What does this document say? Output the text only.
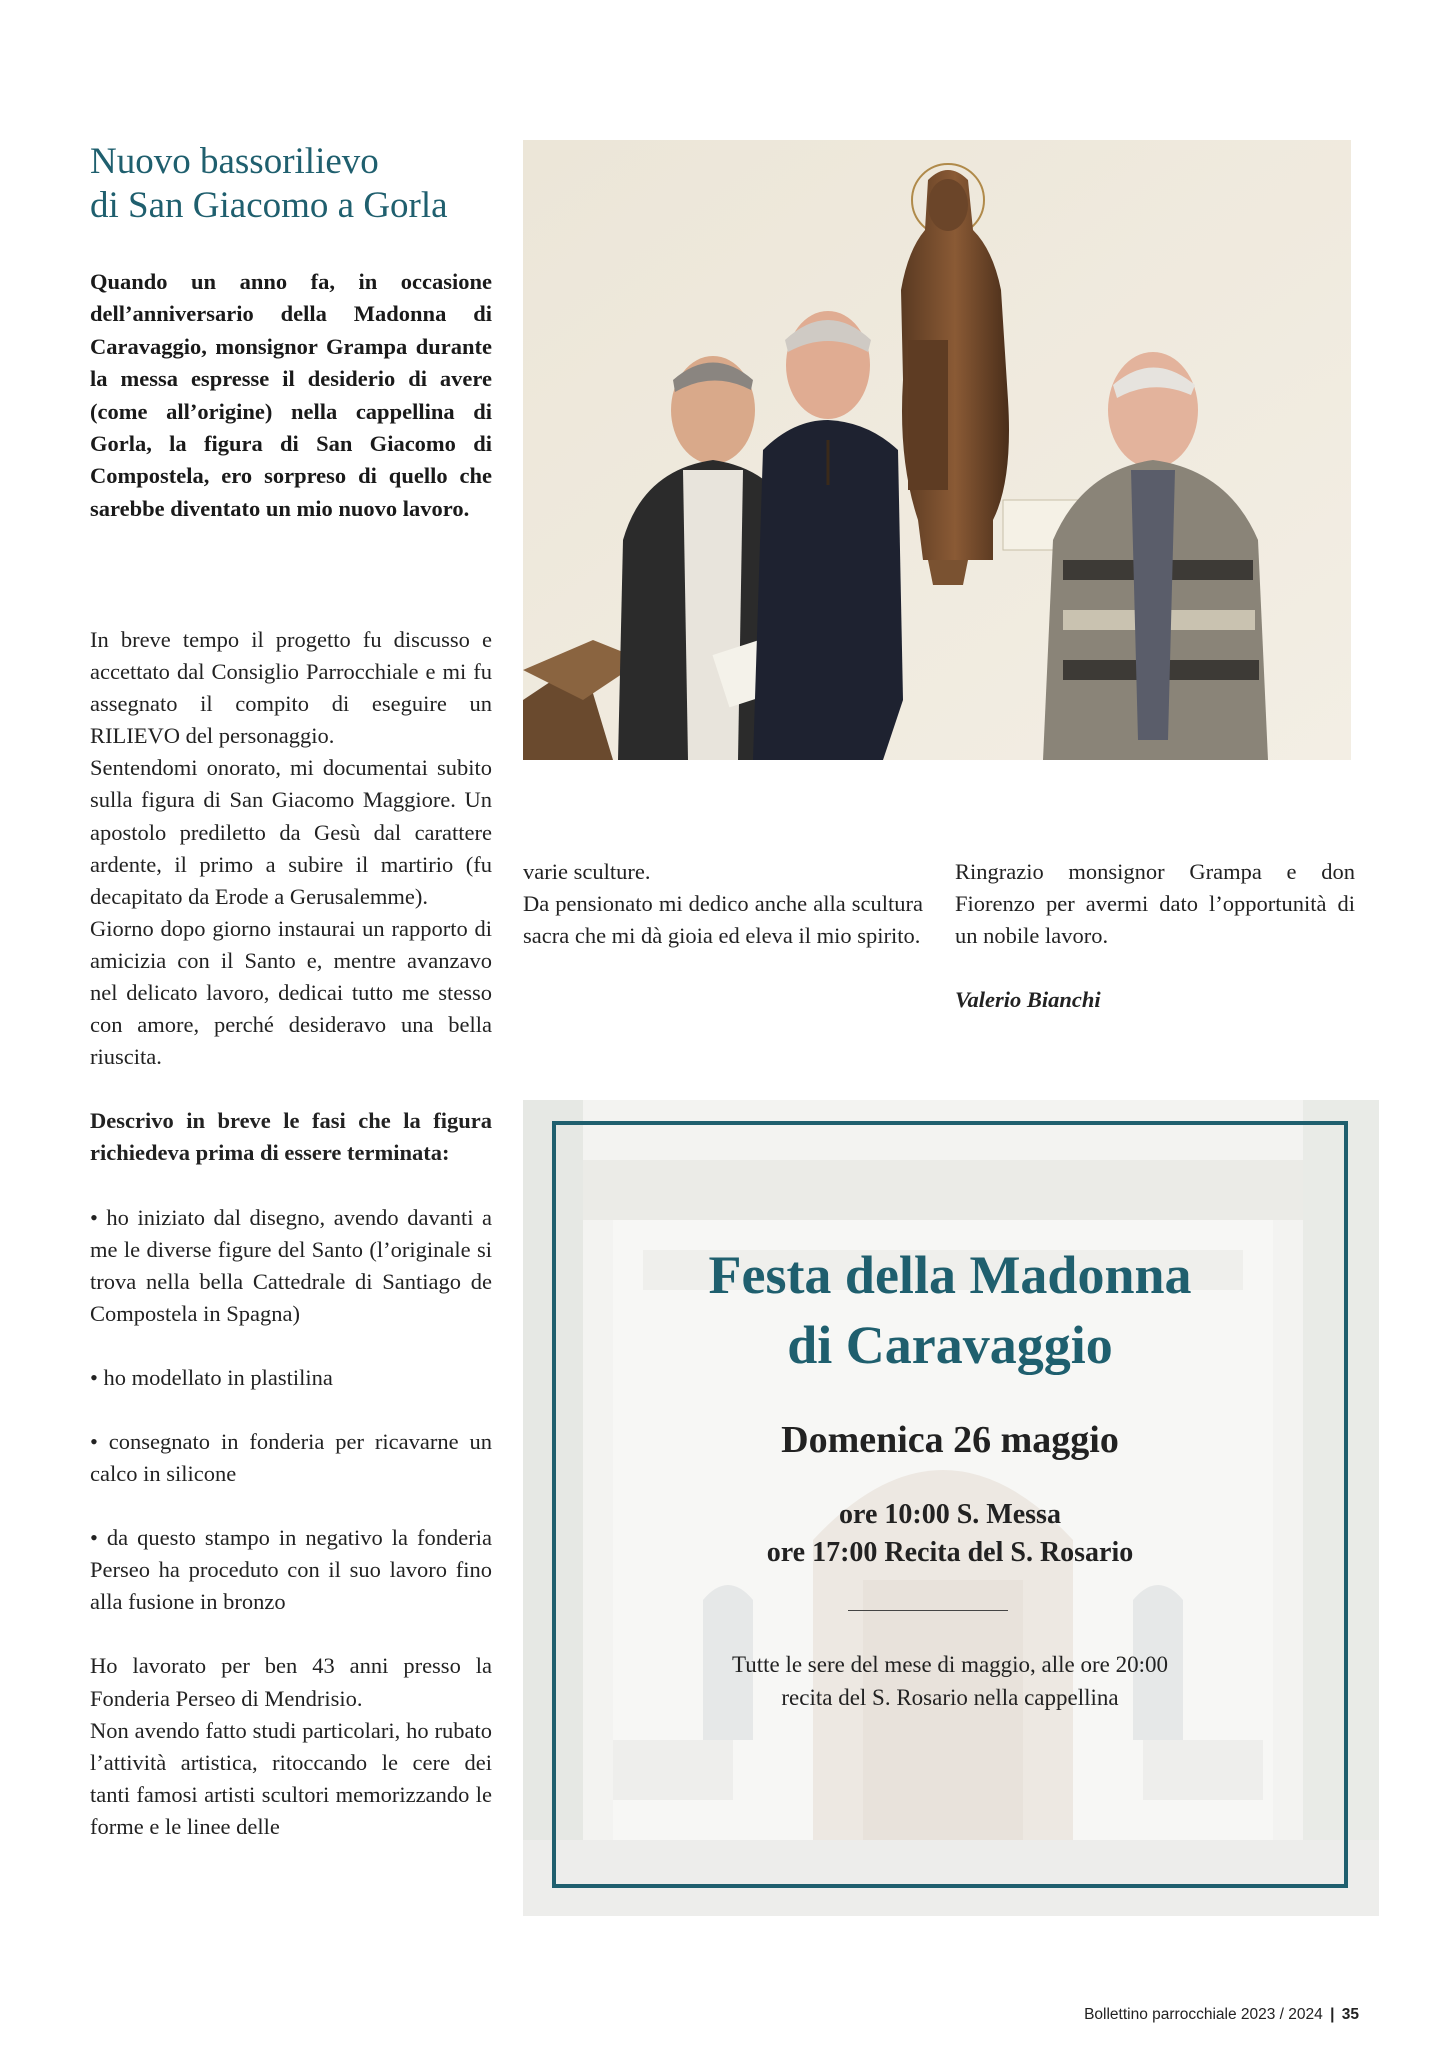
Nuovo bassorilievo
di San Giacomo a Gorla

Quando un anno fa, in occasione dell’anniversario della Madonna di Caravaggio, monsignor Grampa durante la messa espresse il desiderio di avere (come all’origine) nella cappellina di Gorla, la figura di San Giacomo di Compostela, ero sorpreso di quello che sarebbe diventato un mio nuovo lavoro.

In breve tempo il progetto fu discusso e accettato dal Consiglio Parrocchiale e mi fu assegnato il compito di eseguire un RILIEVO del personaggio.

Sentendomi onorato, mi documentai subito sulla figura di San Giacomo Maggiore. Un apostolo prediletto da Gesù dal carattere ardente, il primo a subire il martirio (fu decapitato da Erode a Gerusalemme).

Giorno dopo giorno instaurai un rapporto di amicizia con il Santo e, mentre avanzavo nel delicato lavoro, dedicai tutto me stesso con amore, perché desideravo una bella riuscita.

Descrivo in breve le fasi che la figura richiedeva prima di essere terminata:

• ho iniziato dal disegno, avendo davanti a me le diverse figure del Santo (l’originale si trova nella bella Cattedrale di Santiago de Compostela in Spagna)

• ho modellato in plastilina

• consegnato in fonderia per ricavarne un calco in silicone

• da questo stampo in negativo la fonderia Perseo ha proceduto con il suo lavoro fino alla fusione in bronzo

Ho lavorato per ben 43 anni presso la Fonderia Perseo di Mendrisio.

Non avendo fatto studi particolari, ho rubato l’attività artistica, ritoccando le cere dei tanti famosi artisti scultori memorizzando le forme e le linee delle

varie sculture.

Da pensionato mi dedico anche alla scultura sacra che mi dà gioia ed eleva il mio spirito.

Ringrazio monsignor Grampa e don Fiorenzo per avermi dato l’opportunità di un nobile lavoro.

Valerio Bianchi

Festa della Madonna
di Caravaggio
Domenica 26 maggio
ore 10:00 S. Messa
ore 17:00 Recita del S. Rosario
Tutte le sere del mese di maggio, alle ore 20:00
recita del S. Rosario nella cappellina
Bollettino parrocchiale 2023 / 2024 | 35
